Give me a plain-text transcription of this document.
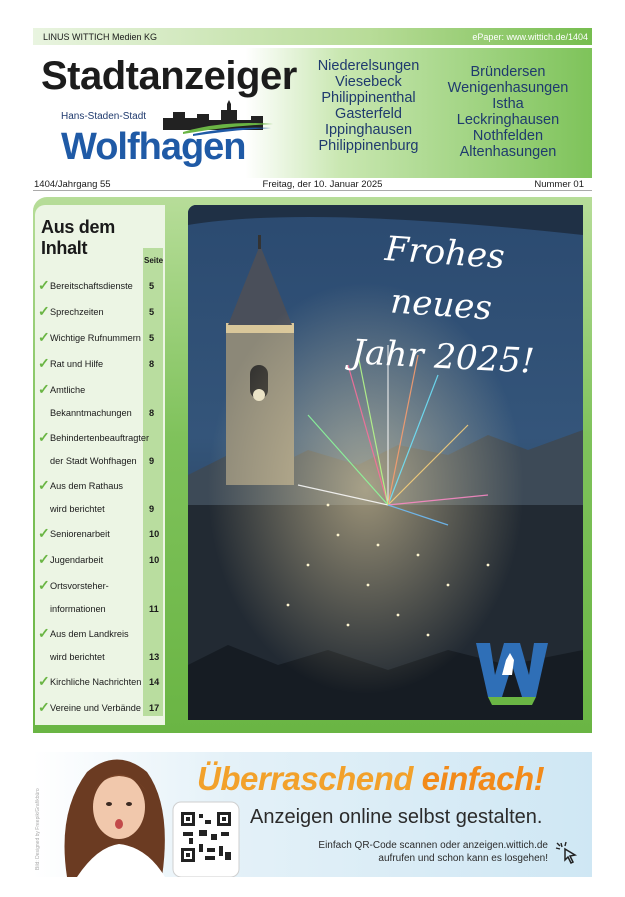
LINUS WITTICH Medien KG	ePaper: www.wittich.de/1404
Stadtanzeiger
Hans-Staden-Stadt
Wolfhagen
Niederelsungen
Viesebeck
Philippinenthal
Gasterfeld
Ippinghausen
Philippinenburg
Bründersen
Wenigenhasungen
Istha
Leckringhausen
Nothfelden
Altenhasungen
1404/Jahrgang 55	Freitag, der 10. Januar 2025	Nummer 01
Aus dem Inhalt
Seite
✓ Bereitschaftsdienste	5
✓ Sprechzeiten	5
✓ Wichtige Rufnummern 5
✓ Rat und Hilfe	8
✓ Amtliche Bekanntmachungen	8
✓ Behindertenbeauftragter der Stadt Wohfhagen	9
✓ Aus dem Rathaus wird berichtet	9
✓ Seniorenarbeit	10
✓ Jugendarbeit	10
✓ Ortsvorsteher-informationen	11
✓ Aus dem Landkreis wird berichtet	13
✓ Kirchliche Nachrichten 14
✓ Vereine und Verbände 17
Frohes neues
Jahr 2025!
Bild: Designed by Freepik/Grafikbüro
Überraschend einfach!
Anzeigen online selbst gestalten.
Einfach QR-Code scannen oder anzeigen.wittich.de
aufrufen und schon kann es losgehen!
